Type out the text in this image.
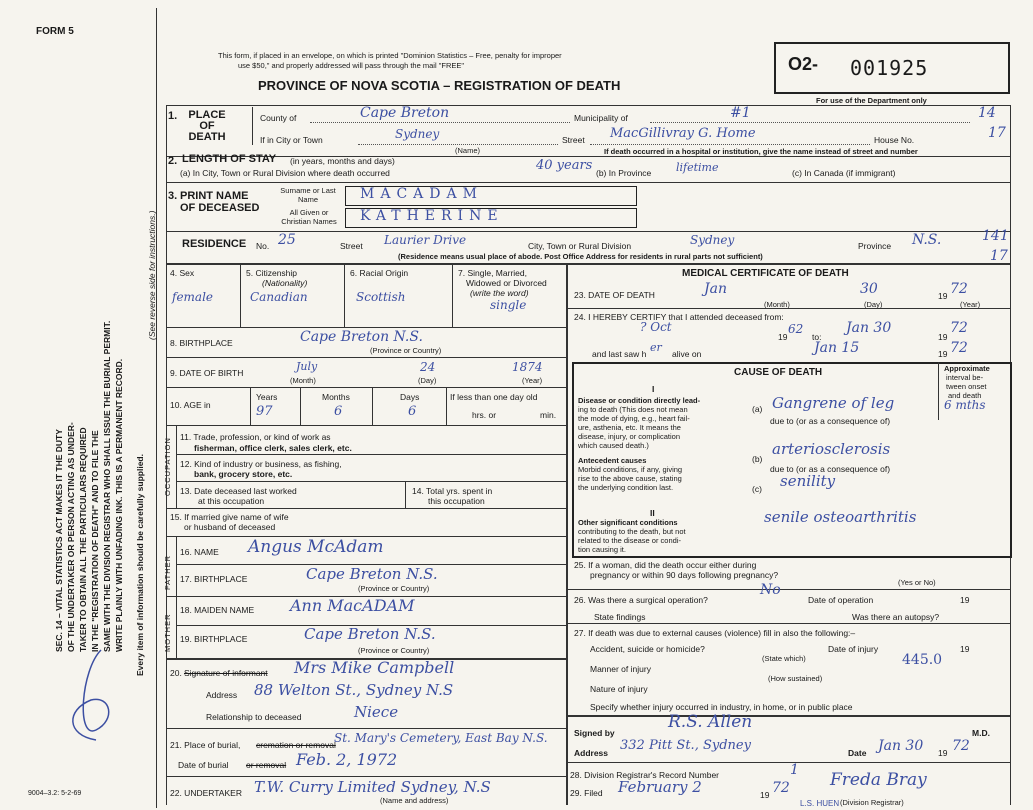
FORM 5
This form, if placed in an envelope, on which is printed "Dominion Statistics – Free, penalty for improper
use $50," and properly addressed will pass through the mail "FREE"
PROVINCE OF NOVA SCOTIA – REGISTRATION OF DEATH
O2- 001925
For use of the Department only
SEC. 14 – VITAL STATISTICS ACT MAKES IT THE DUTY OF THE UNDERTAKER OR PERSON ACTING AS UNDER- TAKER TO OBTAIN ALL THE PARTICULARS REQUIRED IN THE "REGISTRATION OF DEATH" AND TO FILE THE SAME WITH THE DIVISION REGISTRAR WHO SHALL ISSUE THE BURIAL PERMIT. WRITE PLAINLY WITH UNFADING INK. THIS IS A PERMANENT RECORD. Every item of information should be carefully supplied.
(See reverse side for instructions.)
9004–3.2: 5-2-69
1.	PLACE OF DEATH
County of	Cape Breton	Municipality of	#1	14
If in City or Town	Sydney
(Name)
Street MacGillivray G. Home	House No.	17
If death occurred in a hospital or institution, give the name instead of street and number
2. LENGTH OF STAY (in years, months and days)
(a) In City, Town or Rural Division where death occurred	40 years (b) In Province lifetime	(c) In Canada (if immigrant)
3. PRINT NAME OF DECEASED
Surname or Last Name	MACADAM
All Given or Christian Names KATHERINE
RESIDENCE No. 25	Street Laurier Drive	City, Town or Rural Division	Sydney	Province N.S.	141
17
(Residence means usual place of abode. Post Office Address for residents in rural parts not sufficient)
4. Sex
female
5. Citizenship
(Nationality)
Canadian
6. Racial Origin
Scottish
7. Single, Married,
Widowed or Divorced
(write the word)
single
8. BIRTHPLACE	Cape Breton N.S.
(Province or Country)
9. DATE OF BIRTH	July	24	1874
(Month)	(Day)	(Year)
10. AGE in
Years
97
Months
6
Days
6
If less than one day old
hrs. or	min.
OCCUPATION
11. Trade, profession, or kind of work as
fisherman, office clerk, sales clerk, etc.
12. Kind of industry or business, as fishing,
bank, grocery store, etc.
13. Date deceased last worked
at this occupation
14. Total yrs. spent in
this occupation
15. If married give name of wife
or husband of deceased
FATHER
16. NAME Angus McAdam
17. BIRTHPLACE	Cape Breton N.S.
(Province or Country)
MOTHER
18. MAIDEN NAME Ann MacADAM
19. BIRTHPLACE	Cape Breton N.S.
(Province or Country)
20. Signature of informant Mrs Mike Campbell
Address 88 Welton St., Sydney N.S
Relationship to deceased	Niece
21. Place of burial, cremation or removal
St. Mary's Cemetery, East Bay N.S.
Date of burial or removal Feb. 2, 1972
22. UNDERTAKER T.W. Curry Limited Sydney, N.S
(Name and address)
MEDICAL CERTIFICATE OF DEATH
23. DATE OF DEATH	Jan	30	19 72
(Month)	(Day)	(Year)
24. I HEREBY CERTIFY that I attended deceased from:
? Oct
19
62
to:
Jan 30
19
72
and last saw h er alive on	Jan 15	19 72
CAUSE OF DEATH	Approximate
interval be-
tween onset
and death
I
Disease or condition directly lead-
ing to death (This does not mean
the mode of dying, e.g., heart fail-
ure, asthenia, etc. It means the
disease, injury, or complication
which caused death.)
(a) Gangrene of leg	6 mths
due to (or as a consequence of)
(b)
arteriosclerosis
due to (or as a consequence of)
(c) senility
Antecedent causes
Morbid conditions, if any, giving
rise to the above cause, stating
the underlying condition last.
II
Other significant conditions
contributing to the death, but not
related to the disease or condi-
tion causing it.
senile osteoarthritis
25. If a woman, did the death occur either during
pregnancy or within 90 days following pregnancy?
(Yes or No)
26. Was there a surgical operation?
No
Date of operation	19
State findings	Was there an autopsy?
27. If death was due to external causes (violence) fill in also the following:–
Accident, suicide or homicide?	Date of injury	19
(State which)	445.0
Manner of injury
(How sustained)
Nature of injury
Specify whether injury occurred in industry, in home, or in public place
Signed by
R.S. Allen
M.D.
Address 332 Pitt St., Sydney	Date Jan 30 19 72
28. Division Registrar's Record Number	1
29. Filed February 2	19 72 Freda Bray
(Division Registrar)
L.S. HUEN
